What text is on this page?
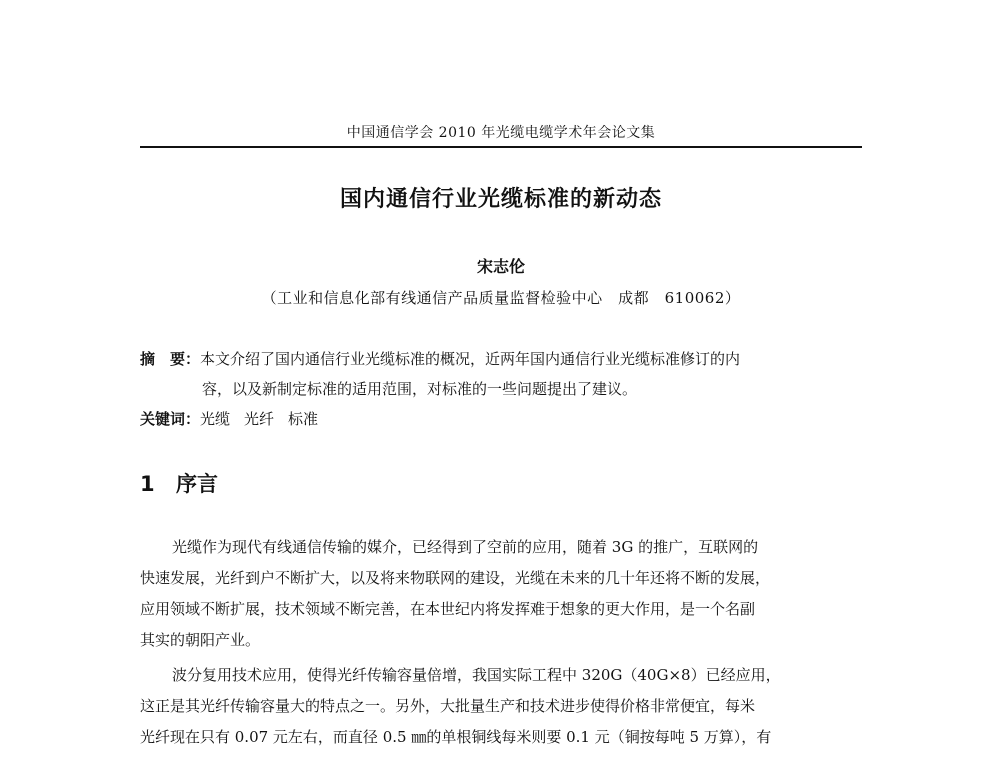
中国通信学会 2010 年光缆电缆学术年会论文集
国内通信行业光缆标准的新动态
宋志伦
（工业和信息化部有线通信产品质量监督检验中心　成都　610062）
摘　要：本文介绍了国内通信行业光缆标准的概况，近两年国内通信行业光缆标准修订的内
容，以及新制定标准的适用范围，对标准的一些问题提出了建议。
关键词：光缆 光纤 标准
1 序言
光缆作为现代有线通信传输的媒介，已经得到了空前的应用，随着 3G 的推广，互联网的
快速发展，光纤到户不断扩大，以及将来物联网的建设，光缆在未来的几十年还将不断的发展，
应用领域不断扩展，技术领域不断完善，在本世纪内将发挥难于想象的更大作用，是一个名副
其实的朝阳产业。
波分复用技术应用，使得光纤传输容量倍增，我国实际工程中 320G（40G×8）已经应用，
这正是其光纤传输容量大的特点之一。另外，大批量生产和技术进步使得价格非常便宜，每米
光纤现在只有 0.07 元左右，而直径 0.5 ㎜的单根铜线每米则要 0.1 元（铜按每吨 5 万算），有
